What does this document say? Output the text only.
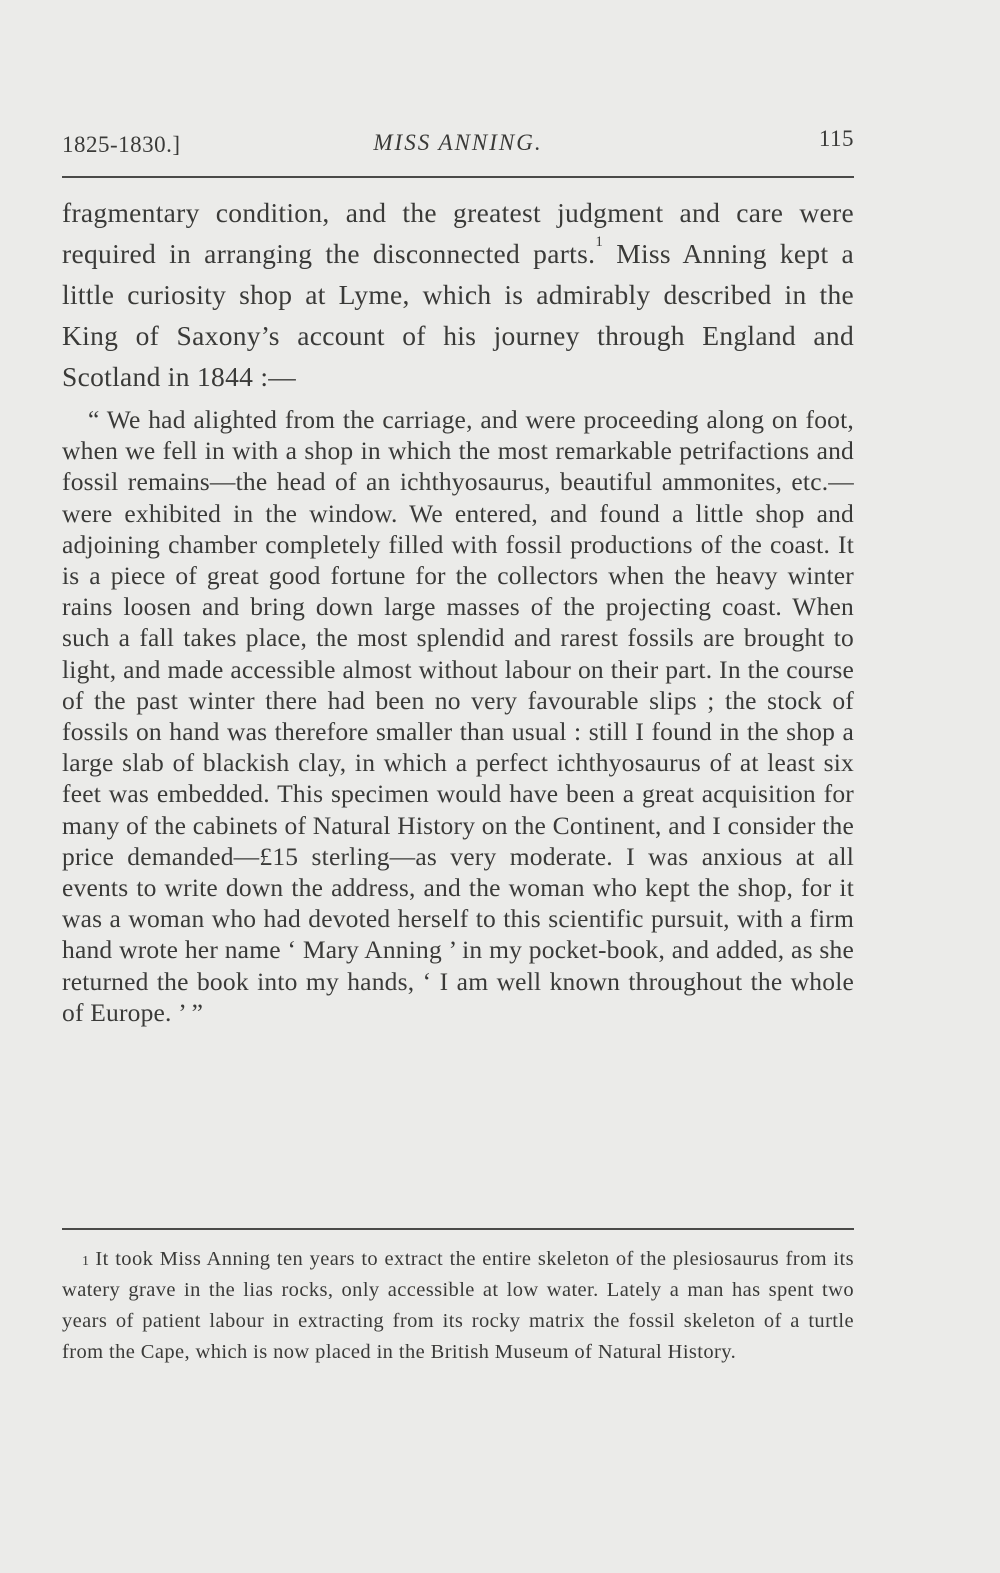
1825-1830.]	MISS ANNING.	115
fragmentary condition, and the greatest judgment and care were required in arranging the disconnected parts.$^1$ Miss Anning kept a little curiosity shop at Lyme, which is admirably described in the King of Saxony’s account of his journey through England and Scotland in 1844 :—
“ We had alighted from the carriage, and were proceeding along on foot, when we fell in with a shop in which the most remarkable petrifactions and fossil remains—the head of an ichthyosaurus, beautiful ammonites, etc.—were exhibited in the window. We entered, and found a little shop and adjoining chamber completely filled with fossil productions of the coast. It is a piece of great good fortune for the collectors when the heavy winter rains loosen and bring down large masses of the projecting coast. When such a fall takes place, the most splendid and rarest fossils are brought to light, and made accessible almost without labour on their part. In the course of the past winter there had been no very favourable slips ; the stock of fossils on hand was therefore smaller than usual : still I found in the shop a large slab of blackish clay, in which a perfect ichthyosaurus of at least six feet was embedded. This specimen would have been a great acquisition for many of the cabinets of Natural History on the Continent, and I consider the price demanded—£15 sterling—as very moderate. I was anxious at all events to write down the address, and the woman who kept the shop, for it was a woman who had devoted herself to this scientific pursuit, with a firm hand wrote her name ‘ Mary Anning ’ in my pocket-book, and added, as she returned the book into my hands, ‘ I am well known throughout the whole of Europe. ’ ”
$^1$ It took Miss Anning ten years to extract the entire skeleton of the plesiosaurus from its watery grave in the lias rocks, only accessible at low water. Lately a man has spent two years of patient labour in extracting from its rocky matrix the fossil skeleton of a turtle from the Cape, which is now placed in the British Museum of Natural History.
